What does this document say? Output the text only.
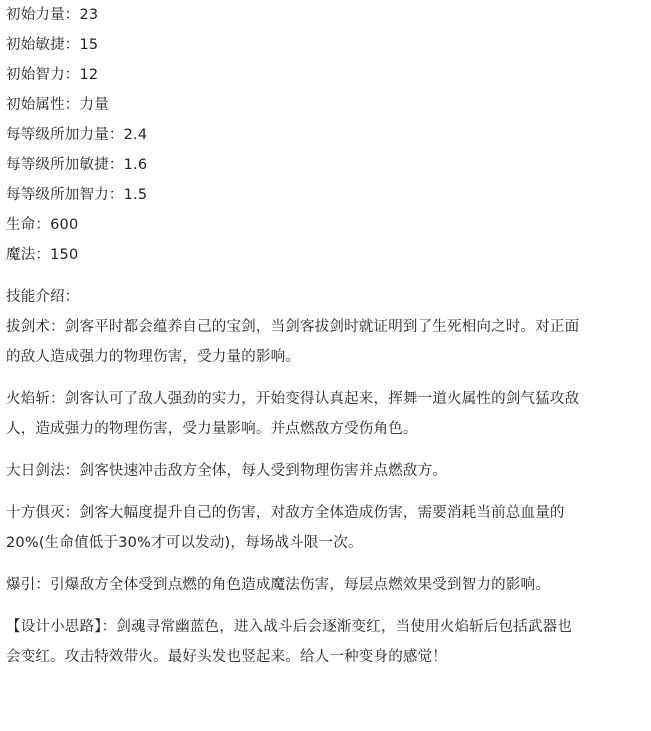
初始力量：23
初始敏捷：15
初始智力：12
初始属性：力量
每等级所加力量：2.4
每等级所加敏捷：1.6
每等级所加智力：1.5
生命：600
魔法：150
技能介绍：
拔剑术：剑客平时都会蕴养自己的宝剑，当剑客拔剑时就证明到了生死相向之时。对正面
的敌人造成强力的物理伤害，受力量的影响。
火焰斩：剑客认可了敌人强劲的实力，开始变得认真起来，挥舞一道火属性的剑气猛攻敌
人，造成强力的物理伤害，受力量影响。并点燃敌方受伤角色。
大日剑法：剑客快速冲击敌方全体，每人受到物理伤害并点燃敌方。
十方俱灭：剑客大幅度提升自己的伤害，对敌方全体造成伤害，需要消耗当前总血量的
20%(生命值低于30%才可以发动)，每场战斗限一次。
爆引：引爆敌方全体受到点燃的角色造成魔法伤害，每层点燃效果受到智力的影响。
【设计小思路】：剑魂寻常幽蓝色，进入战斗后会逐渐变红，当使用火焰斩后包括武器也
会变红。攻击特效带火。最好头发也竖起来。给人一种变身的感觉！
